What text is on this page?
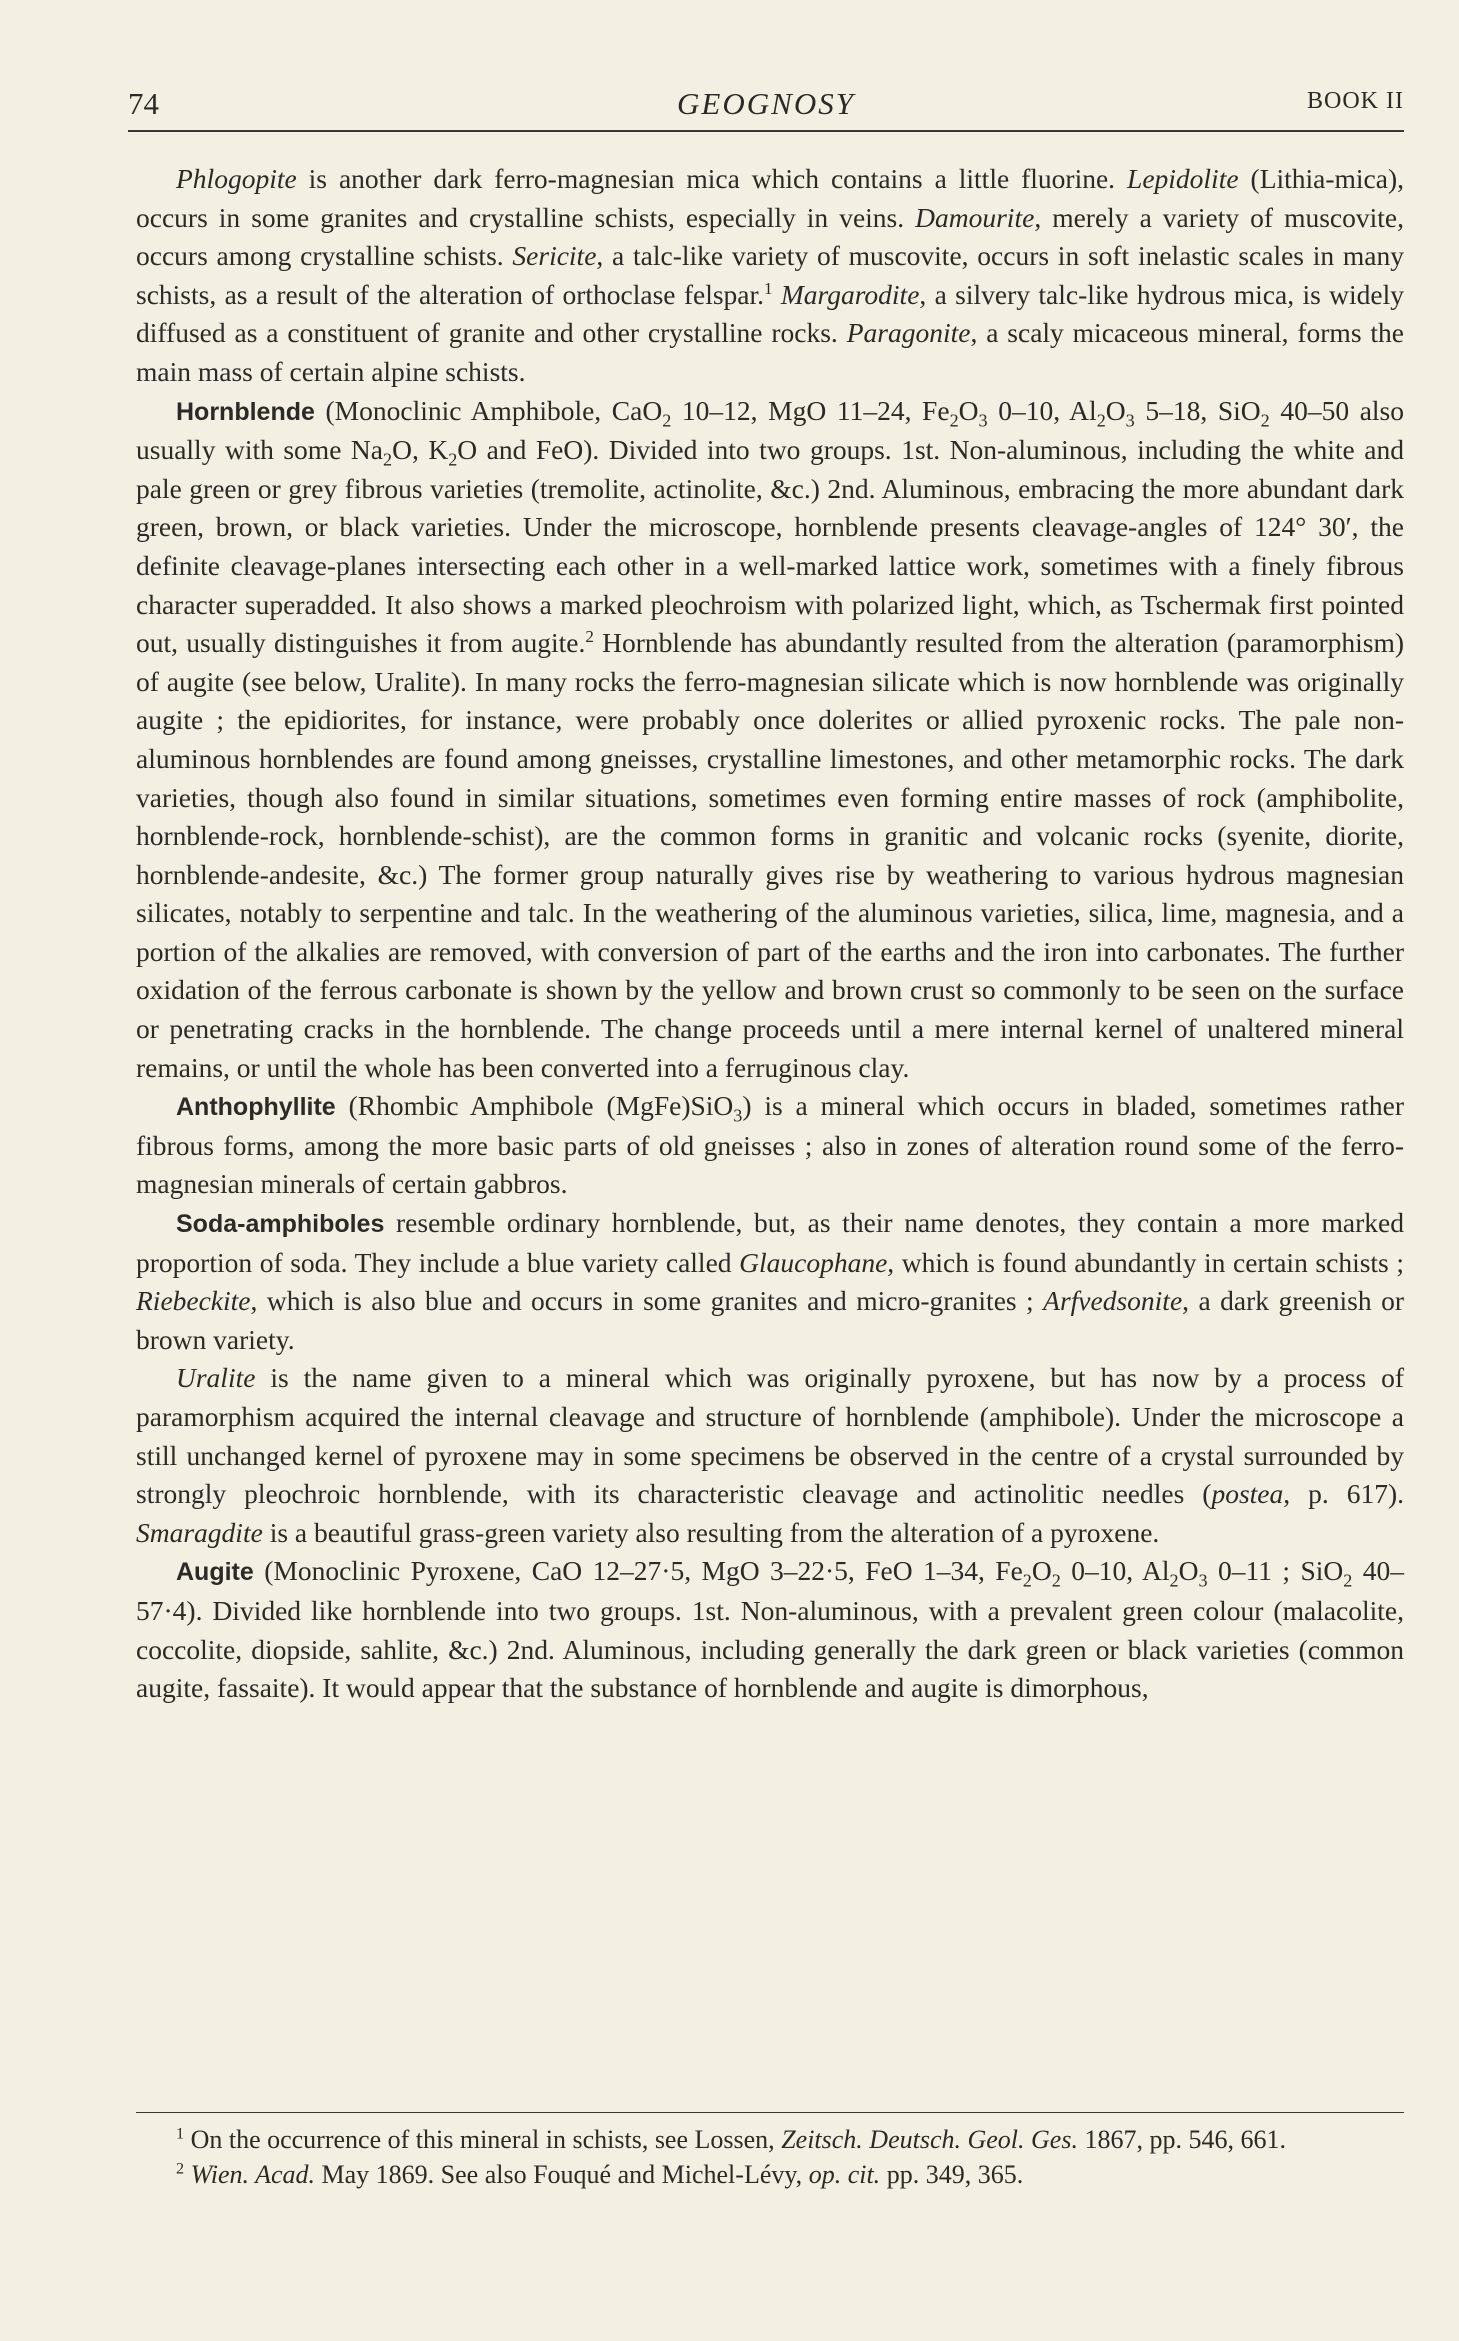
74	GEOGNOSY	BOOK II

Phlogopite is another dark ferro-magnesian mica which contains a little fluorine. Lepidolite (Lithia-mica), occurs in some granites and crystalline schists, especially in veins. Damourite, merely a variety of muscovite, occurs among crystalline schists. Sericite, a talc-like variety of muscovite, occurs in soft inelastic scales in many schists, as a result of the alteration of orthoclase felspar.$^1$ Margarodite, a silvery talc-like hydrous mica, is widely diffused as a constituent of granite and other crystalline rocks. Paragonite, a scaly micaceous mineral, forms the main mass of certain alpine schists.

Hornblende (Monoclinic Amphibole, CaO$_2$ 10–12, MgO 11–24, $Fe_2O_3$ 0–10, $Al_2O_3$ 5–18, SiO$_2$ 40–50 also usually with some $Na_2O$, $K_2O$ and FeO). Divided into two groups. 1st. Non-aluminous, including the white and pale green or grey fibrous varieties (tremolite, actinolite, &c.) 2nd. Aluminous, embracing the more abundant dark green, brown, or black varieties. Under the microscope, hornblende presents cleavage-angles of 124° 30′, the definite cleavage-planes intersecting each other in a well-marked lattice work, sometimes with a finely fibrous character superadded. It also shows a marked pleochroism with polarized light, which, as Tschermak first pointed out, usually distinguishes it from augite.$^2$ Hornblende has abundantly resulted from the alteration (paramorphism) of augite (see below, Uralite). In many rocks the ferro-magnesian silicate which is now hornblende was originally augite ; the epidiorites, for instance, were probably once dolerites or allied pyroxenic rocks. The pale non-aluminous hornblendes are found among gneisses, crystalline limestones, and other metamorphic rocks. The dark varieties, though also found in similar situations, sometimes even forming entire masses of rock (amphibolite, hornblende-rock, hornblende-schist), are the common forms in granitic and volcanic rocks (syenite, diorite, hornblende-andesite, &c.) The former group naturally gives rise by weathering to various hydrous magnesian silicates, notably to serpentine and talc. In the weathering of the aluminous varieties, silica, lime, magnesia, and a portion of the alkalies are removed, with conversion of part of the earths and the iron into carbonates. The further oxidation of the ferrous carbonate is shown by the yellow and brown crust so commonly to be seen on the surface or penetrating cracks in the hornblende. The change proceeds until a mere internal kernel of unaltered mineral remains, or until the whole has been converted into a ferruginous clay.

Anthophyllite (Rhombic Amphibole (MgFe)SiO$_3$) is a mineral which occurs in bladed, sometimes rather fibrous forms, among the more basic parts of old gneisses ; also in zones of alteration round some of the ferro-magnesian minerals of certain gabbros.

Soda-amphiboles resemble ordinary hornblende, but, as their name denotes, they contain a more marked proportion of soda. They include a blue variety called Glaucophane, which is found abundantly in certain schists ; Riebeckite, which is also blue and occurs in some granites and micro-granites ; Arfvedsonite, a dark greenish or brown variety.

Uralite is the name given to a mineral which was originally pyroxene, but has now by a process of paramorphism acquired the internal cleavage and structure of hornblende (amphibole). Under the microscope a still unchanged kernel of pyroxene may in some specimens be observed in the centre of a crystal surrounded by strongly pleochroic hornblende, with its characteristic cleavage and actinolitic needles (postea, p. 617). Smaragdite is a beautiful grass-green variety also resulting from the alteration of a pyroxene.

Augite (Monoclinic Pyroxene, CaO 12–27·5, MgO 3–22·5, FeO 1–34, $Fe_2O_2$ 0–10, $Al_2O_3$ 0–11 ; SiO$_2$ 40–57·4). Divided like hornblende into two groups. 1st. Non-aluminous, with a prevalent green colour (malacolite, coccolite, diopside, sahlite, &c.) 2nd. Aluminous, including generally the dark green or black varieties (common augite, fassaite). It would appear that the substance of hornblende and augite is dimorphous,

$^1$ On the occurrence of this mineral in schists, see Lossen, Zeitsch. Deutsch. Geol. Ges. 1867, pp. 546, 661.
$^2$ Wien. Acad. May 1869. See also Fouqué and Michel-Lévy, op. cit. pp. 349, 365.
